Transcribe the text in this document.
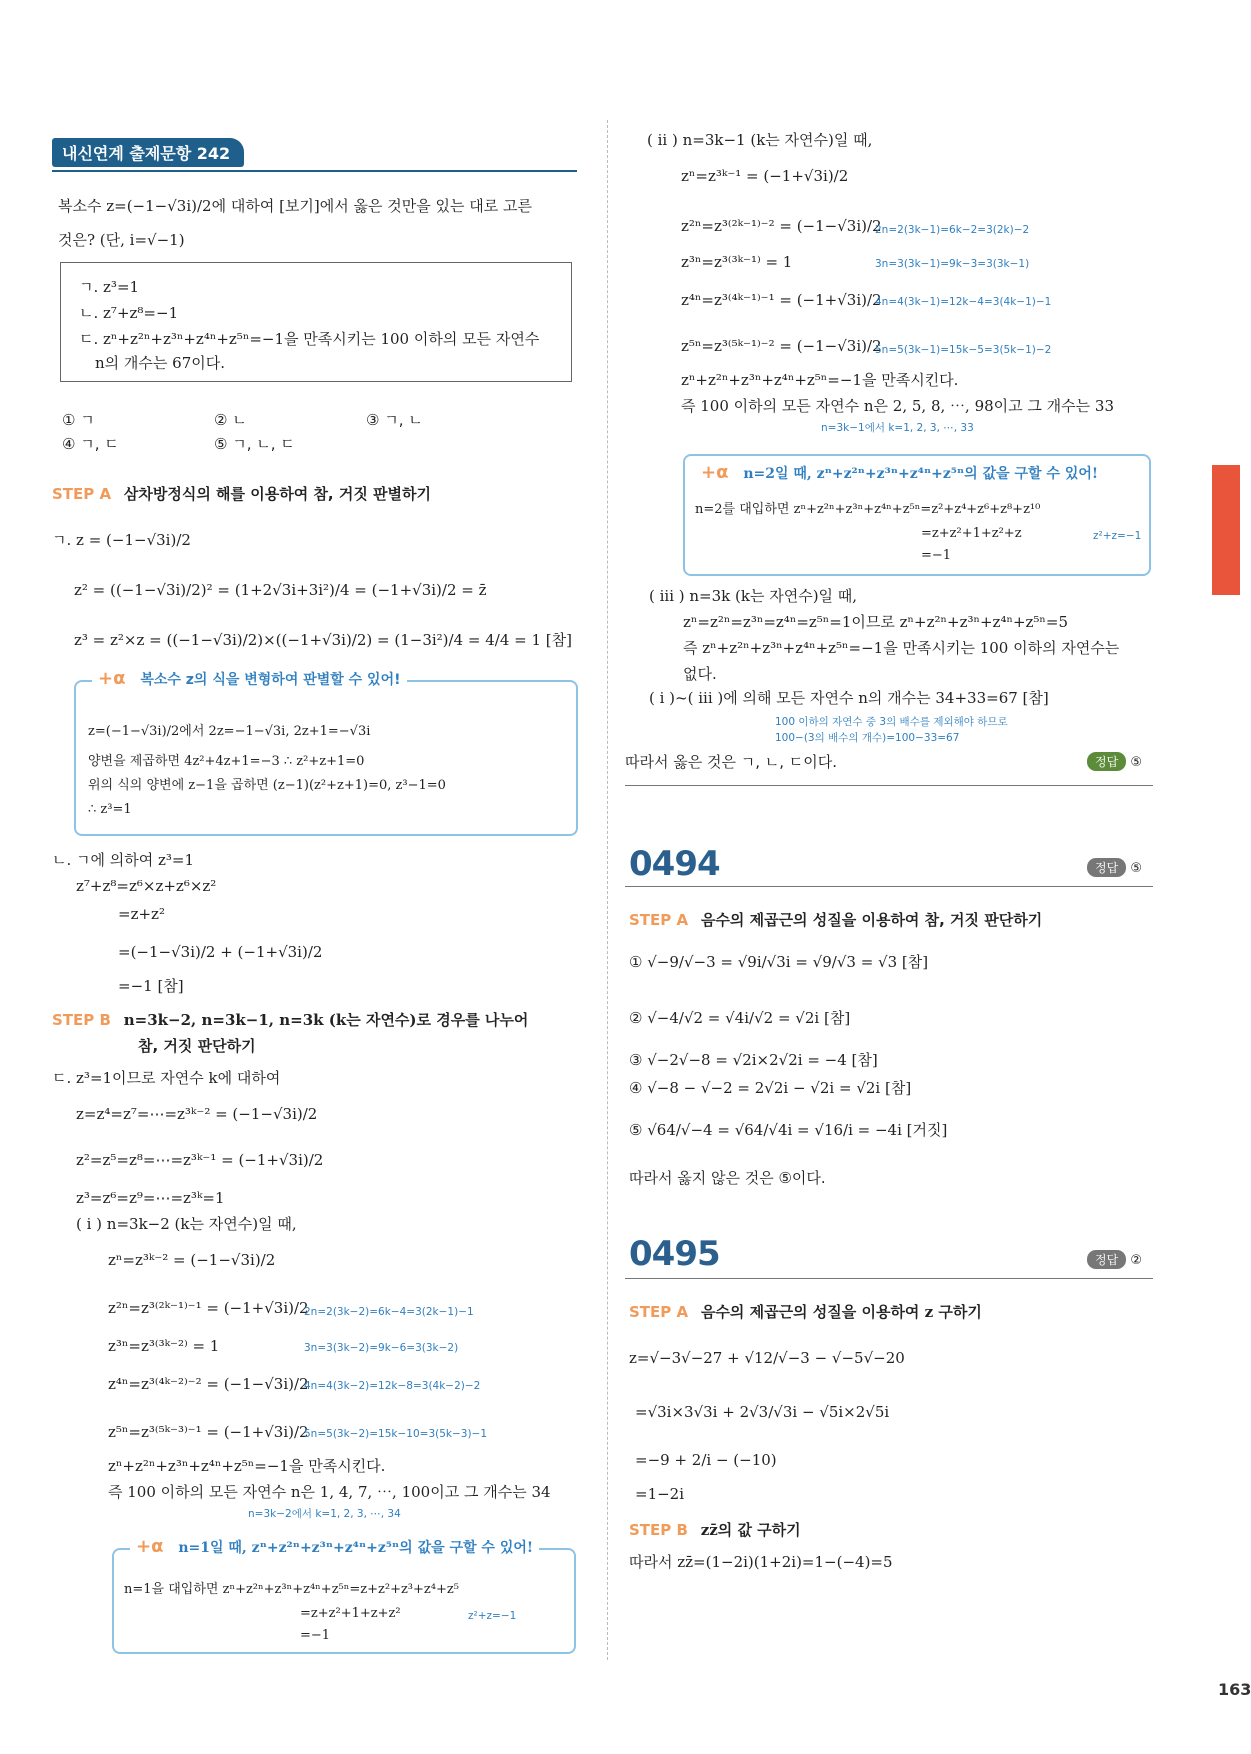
내신연계 출제문항 242
복소수 z=(−1−√3i)/2에 대하여 [보기]에서 옳은 것만을 있는 대로 고른
것은? (단, i=√−1)
ㄱ. z³=1
ㄴ. z⁷+z⁸=−1
ㄷ. zⁿ+z²ⁿ+z³ⁿ+z⁴ⁿ+z⁵ⁿ=−1을 만족시키는 100 이하의 모든 자연수
n의 개수는 67이다.
① ㄱ	② ㄴ	③ ㄱ, ㄴ
④ ㄱ, ㄷ	⑤ ㄱ, ㄴ, ㄷ
STEP A 삼차방정식의 해를 이용하여 참, 거짓 판별하기
ㄱ. z = (−1−√3i)/2
z² = ((−1−√3i)/2)² = (1+2√3i+3i²)/4 = (−1+√3i)/2 = z̄
z³ = z²×z = ((−1−√3i)/2)×((−1+√3i)/2) = (1−3i²)/4 = 4/4 = 1 [참]
+α 복소수 z의 식을 변형하여 판별할 수 있어!
z=(−1−√3i)/2에서 2z=−1−√3i, 2z+1=−√3i
양변을 제곱하면 4z²+4z+1=−3 ∴ z²+z+1=0
위의 식의 양변에 z−1을 곱하면 (z−1)(z²+z+1)=0, z³−1=0
∴ z³=1
ㄴ. ㄱ에 의하여 z³=1
z⁷+z⁸=z⁶×z+z⁶×z²
=z+z²
=(−1−√3i)/2 + (−1+√3i)/2
=−1 [참]
STEP B n=3k−2, n=3k−1, n=3k (k는 자연수)로 경우를 나누어
참, 거짓 판단하기
ㄷ. z³=1이므로 자연수 k에 대하여
z=z⁴=z⁷=⋯=z³ᵏ⁻² = (−1−√3i)/2
z²=z⁵=z⁸=⋯=z³ᵏ⁻¹ = (−1+√3i)/2
z³=z⁶=z⁹=⋯=z³ᵏ=1
( i ) n=3k−2 (k는 자연수)일 때,
zⁿ=z³ᵏ⁻² = (−1−√3i)/2
z²ⁿ=z³⁽²ᵏ⁻¹⁾⁻¹ = (−1+√3i)/2
z³ⁿ=z³⁽³ᵏ⁻²⁾ = 1
z⁴ⁿ=z³⁽⁴ᵏ⁻²⁾⁻² = (−1−√3i)/2
z⁵ⁿ=z³⁽⁵ᵏ⁻³⁾⁻¹ = (−1+√3i)/2
zⁿ+z²ⁿ+z³ⁿ+z⁴ⁿ+z⁵ⁿ=−1을 만족시킨다.
즉 100 이하의 모든 자연수 n은 1, 4, 7, ⋯, 100이고 그 개수는 34
2n=2(3k−2)=6k−4=3(2k−1)−1
3n=3(3k−2)=9k−6=3(3k−2)
4n=4(3k−2)=12k−8=3(4k−2)−2
5n=5(3k−2)=15k−10=3(5k−3)−1
n=3k−2에서 k=1, 2, 3, ⋯, 34
+α n=1일 때, zⁿ+z²ⁿ+z³ⁿ+z⁴ⁿ+z⁵ⁿ의 값을 구할 수 있어!
n=1을 대입하면 zⁿ+z²ⁿ+z³ⁿ+z⁴ⁿ+z⁵ⁿ=z+z²+z³+z⁴+z⁵
=z+z²+1+z+z²
=−1
z²+z=−1
( ii ) n=3k−1 (k는 자연수)일 때,
zⁿ=z³ᵏ⁻¹ = (−1+√3i)/2
z²ⁿ=z³⁽²ᵏ⁻¹⁾⁻² = (−1−√3i)/2
z³ⁿ=z³⁽³ᵏ⁻¹⁾ = 1
z⁴ⁿ=z³⁽⁴ᵏ⁻¹⁾⁻¹ = (−1+√3i)/2
z⁵ⁿ=z³⁽⁵ᵏ⁻¹⁾⁻² = (−1−√3i)/2
zⁿ+z²ⁿ+z³ⁿ+z⁴ⁿ+z⁵ⁿ=−1을 만족시킨다.
즉 100 이하의 모든 자연수 n은 2, 5, 8, ⋯, 98이고 그 개수는 33
2n=2(3k−1)=6k−2=3(2k)−2
3n=3(3k−1)=9k−3=3(3k−1)
4n=4(3k−1)=12k−4=3(4k−1)−1
5n=5(3k−1)=15k−5=3(5k−1)−2
n=3k−1에서 k=1, 2, 3, ⋯, 33
+α n=2일 때, zⁿ+z²ⁿ+z³ⁿ+z⁴ⁿ+z⁵ⁿ의 값을 구할 수 있어!
n=2를 대입하면 zⁿ+z²ⁿ+z³ⁿ+z⁴ⁿ+z⁵ⁿ=z²+z⁴+z⁶+z⁸+z¹⁰
=z+z²+1+z²+z
=−1
z²+z=−1
( iii ) n=3k (k는 자연수)일 때,
zⁿ=z²ⁿ=z³ⁿ=z⁴ⁿ=z⁵ⁿ=1이므로 zⁿ+z²ⁿ+z³ⁿ+z⁴ⁿ+z⁵ⁿ=5
즉 zⁿ+z²ⁿ+z³ⁿ+z⁴ⁿ+z⁵ⁿ=−1을 만족시키는 100 이하의 자연수는
없다.
( i )~( iii )에 의해 모든 자연수 n의 개수는 34+33=67 [참]
100 이하의 자연수 중 3의 배수를 제외해야 하므로
100−(3의 배수의 개수)=100−33=67
따라서 옳은 것은 ㄱ, ㄴ, ㄷ이다.	정답 ⑤
0494	정답 ⑤
STEP A 음수의 제곱근의 성질을 이용하여 참, 거짓 판단하기
① √−9/√−3 = √9i/√3i = √9/√3 = √3 [참]
② √−4/√2 = √4i/√2 = √2i [참]
③ √−2√−8 = √2i×2√2i = −4 [참]
④ √−8 − √−2 = 2√2i − √2i = √2i [참]
⑤ √64/√−4 = √64/√4i = √16/i = −4i [거짓]
따라서 옳지 않은 것은 ⑤이다.
0495	정답 ②
STEP A 음수의 제곱근의 성질을 이용하여 z 구하기
z=√−3√−27 + √12/√−3 − √−5√−20
=√3i×3√3i + 2√3/√3i − √5i×2√5i
=−9 + 2/i − (−10)
=1−2i
STEP B zz̄의 값 구하기
따라서 zz̄=(1−2i)(1+2i)=1−(−4)=5
163
